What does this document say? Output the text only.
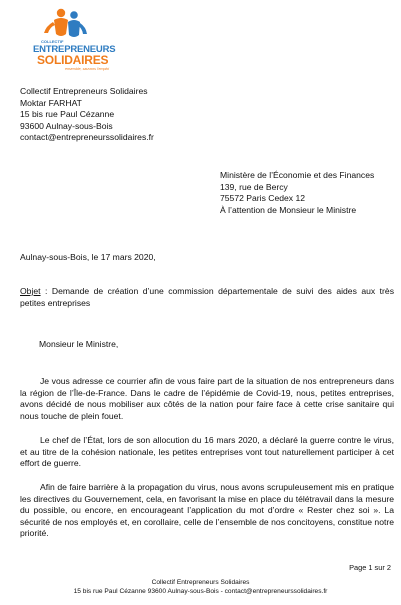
COLLECTIF
ENTREPRENEURS
SOLIDAIRES
ensemble, sauvons l'emploi
Collectif Entrepreneurs Solidaires
Moktar FARHAT
15 bis rue Paul Cézanne
93600 Aulnay-sous-Bois
contact@entrepreneurssolidaires.fr
Ministère de l’Économie et des Finances
139, rue de Bercy
75572 Paris Cedex 12
À l’attention de Monsieur le Ministre
Aulnay-sous-Bois, le 17 mars 2020,
Objet : Demande de création d’une commission départementale de suivi des aides aux très petites entreprises
Monsieur le Ministre,
Je vous adresse ce courrier afin de vous faire part de la situation de nos entrepreneurs dans la région de l’Île-de-France. Dans le cadre de l’épidémie de Covid-19, nous, petites entreprises, avons décidé de nous mobiliser aux côtés de la nation pour faire face à cette crise sanitaire qui nous touche de plein fouet.
Le chef de l’État, lors de son allocution du 16 mars 2020, a déclaré la guerre contre le virus, et au titre de la cohésion nationale, les petites entreprises vont tout naturellement participer à cet effort de guerre.
Afin de faire barrière à la propagation du virus, nous avons scrupuleusement mis en pratique les directives du Gouvernement, cela, en favorisant la mise en place du télétravail dans la mesure du possible, ou encore, en encourageant l’application du mot d’ordre « Rester chez soi ». La sécurité de nos employés et, en corollaire, celle de l’ensemble de nos concitoyens, constitue notre priorité.
Page 1 sur 2
Collectif Entrepreneurs Solidaires
15 bis rue Paul Cézanne 93600 Aulnay-sous-Bois - contact@entrepreneurssolidaires.fr
